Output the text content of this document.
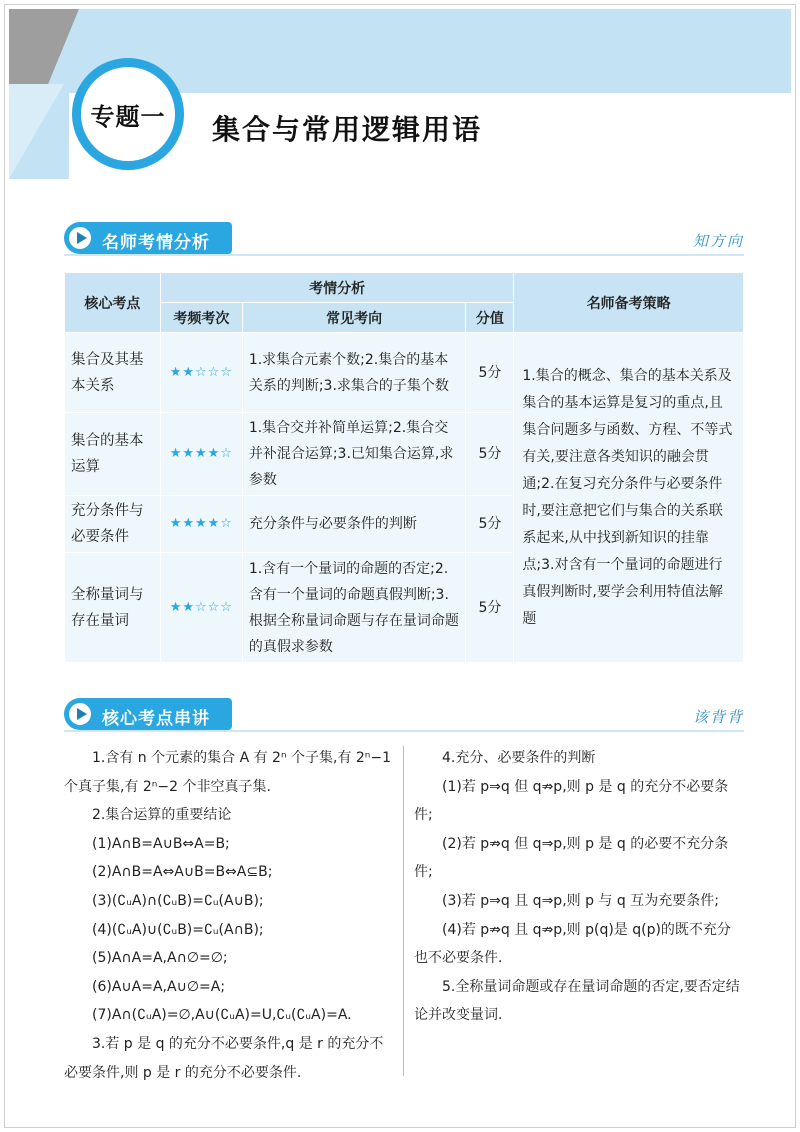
专题一 集合与常用逻辑用语
名师考情分析	知方向
核心考点	考情分析			名师备考策略
	考频考次	常见考向	分值	
集合及其基本关系	★★☆☆☆	1.求集合元素个数;2.集合的基本关系的判断;3.求集合的子集个数	5分	1.集合的概念、集合的基本关系及集合的基本运算是复习的重点,且集合问题多与函数、方程、不等式有关,要注意各类知识的融会贯通;2.在复习充分条件与必要条件时,要注意把它们与集合的关系联系起来,从中找到新知识的挂靠点;3.对含有一个量词的命题进行真假判断时,要学会利用特值法解题
集合的基本运算	★★★★☆	1.集合交并补简单运算;2.集合交并补混合运算;3.已知集合运算,求参数	5分	
充分条件与必要条件	★★★★☆	充分条件与必要条件的判断	5分	
全称量词与存在量词	★★☆☆☆	1.含有一个量词的命题的否定;2.含有一个量词的命题真假判断;3.根据全称量词命题与存在量词命题的真假求参数	5分	
核心考点串讲	该背背

1.含有 n 个元素的集合 A 有 2ⁿ 个子集,有 2ⁿ−1 个真子集,有 2ⁿ−2 个非空真子集.

2.集合运算的重要结论

(1)A∩B=A∪B⇔A=B;

(2)A∩B=A⇔A∪B=B⇔A⊆B;

(3)(∁ᵤA)∩(∁ᵤB)=∁ᵤ(A∪B);

(4)(∁ᵤA)∪(∁ᵤB)=∁ᵤ(A∩B);

(5)A∩A=A,A∩∅=∅;

(6)A∪A=A,A∪∅=A;

(7)A∩(∁ᵤA)=∅,A∪(∁ᵤA)=U,∁ᵤ(∁ᵤA)=A.

3.若 p 是 q 的充分不必要条件,q 是 r 的充分不必要条件,则 p 是 r 的充分不必要条件.

4.充分、必要条件的判断

(1)若 p⇒q 但 q⇏p,则 p 是 q 的充分不必要条件;

(2)若 p⇏q 但 q⇒p,则 p 是 q 的必要不充分条件;

(3)若 p⇒q 且 q⇒p,则 p 与 q 互为充要条件;

(4)若 p⇏q 且 q⇏p,则 p(q)是 q(p)的既不充分也不必要条件.

5.全称量词命题或存在量词命题的否定,要否定结论并改变量词.
